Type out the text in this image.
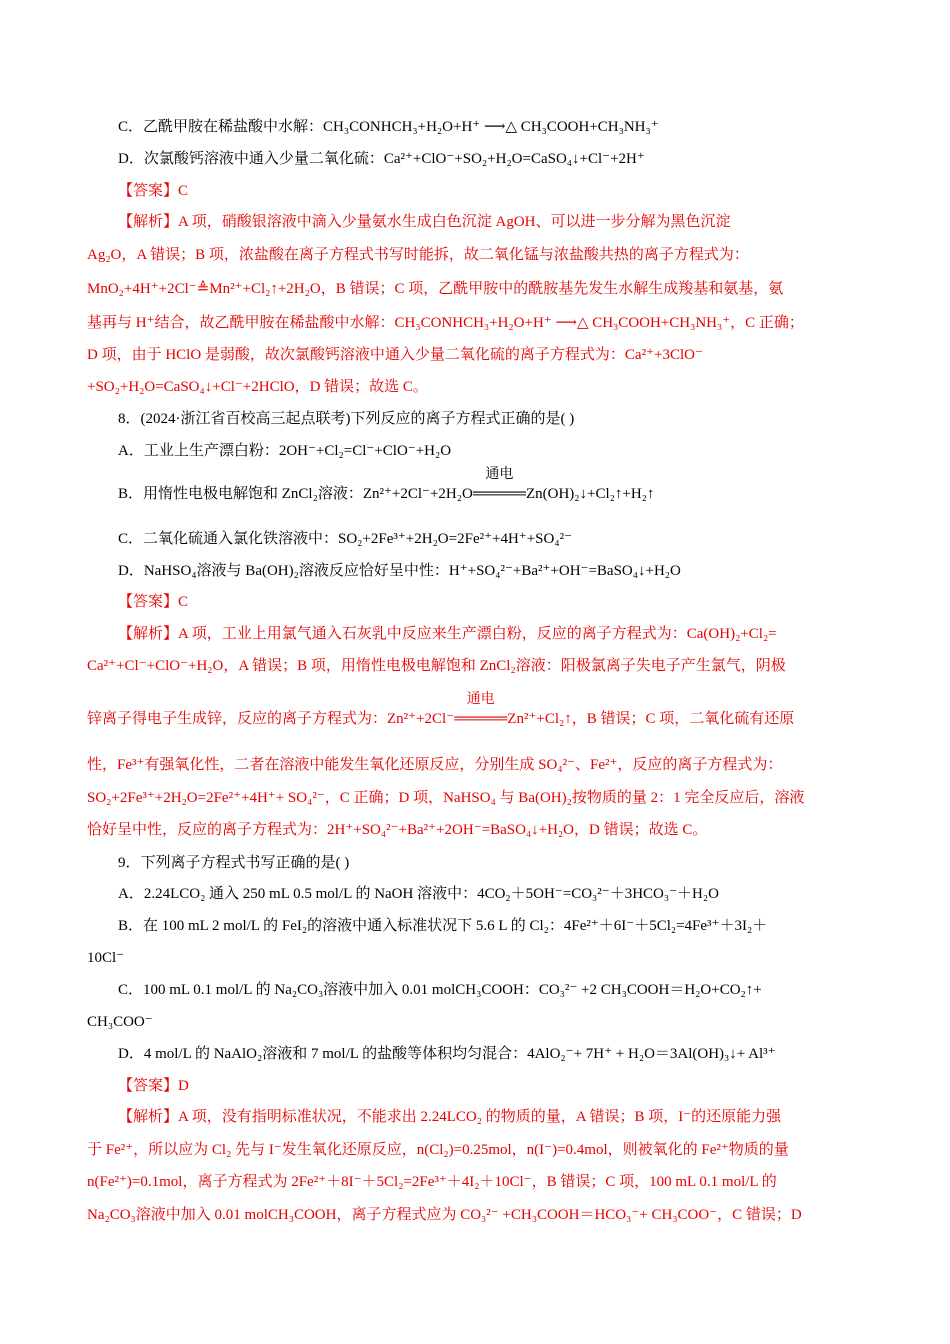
C．乙酰甲胺在稀盐酸中水解：CH₃CONHCH₃+H₂O+H⁺ ⟶△ CH₃COOH+CH₃NH₃⁺
D．次氯酸钙溶液中通入少量二氧化硫：Ca²⁺+ClO⁻+SO₂+H₂O=CaSO₄↓+Cl⁻+2H⁺
【答案】C
【解析】A 项，硝酸银溶液中滴入少量氨水生成白色沉淀 AgOH、可以进一步分解为黑色沉淀
Ag₂O，A 错误；B 项，浓盐酸在离子方程式书写时能拆，故二氧化锰与浓盐酸共热的离子方程式为：
MnO₂+4H⁺+2Cl⁻≜Mn²⁺+Cl₂↑+2H₂O，B 错误；C 项，乙酰甲胺中的酰胺基先发生水解生成羧基和氨基，氨
基再与 H⁺结合，故乙酰甲胺在稀盐酸中水解：CH₃CONHCH₃+H₂O+H⁺ ⟶△ CH₃COOH+CH₃NH₃⁺，C 正确；
D 项，由于 HClO 是弱酸，故次氯酸钙溶液中通入少量二氧化硫的离子方程式为：Ca²⁺+3ClO⁻
+SO₂+H₂O=CaSO₄↓+Cl⁻+2HClO，D 错误；故选 C。
8．(2024·浙江省百校高三起点联考)下列反应的离子方程式正确的是( )
A．工业上生产漂白粉：2OH⁻+Cl₂=Cl⁻+ClO⁻+H₂O
B．用惰性电极电解饱和 ZnCl₂溶液：Zn²⁺+2Cl⁻+2H₂O
通电
═════Zn(OH)₂↓+Cl₂↑+H₂↑
C．二氧化硫通入氯化铁溶液中：SO₂+2Fe³⁺+2H₂O=2Fe²⁺+4H⁺+SO₄²⁻
D．NaHSO₄溶液与 Ba(OH)₂溶液反应恰好呈中性：H⁺+SO₄²⁻+Ba²⁺+OH⁻=BaSO₄↓+H₂O
【答案】C
【解析】A 项，工业上用氯气通入石灰乳中反应来生产漂白粉，反应的离子方程式为：Ca(OH)₂+Cl₂=
Ca²⁺+Cl⁻+ClO⁻+H₂O，A 错误；B 项，用惰性电极电解饱和 ZnCl₂溶液：阳极氯离子失电子产生氯气，阴极
锌离子得电子生成锌，反应的离子方程式为：Zn²⁺+2Cl⁻
通电
═════Zn²⁺+Cl₂↑，B 错误；C 项，二氧化硫有还原
性，Fe³⁺有强氧化性，二者在溶液中能发生氧化还原反应，分别生成 SO₄²⁻、Fe²⁺，反应的离子方程式为：
SO₂+2Fe³⁺+2H₂O=2Fe²⁺+4H⁺+ SO₄²⁻，C 正确；D 项，NaHSO₄ 与 Ba(OH)₂按物质的量 2：1 完全反应后，溶液
恰好呈中性，反应的离子方程式为：2H⁺+SO₄²⁻+Ba²⁺+2OH⁻=BaSO₄↓+H₂O，D 错误；故选 C。
9．下列离子方程式书写正确的是( )
A．2.24LCO₂ 通入 250 mL 0.5 mol/L 的 NaOH 溶液中：4CO₂＋5OH⁻=CO₃²⁻＋3HCO₃⁻＋H₂O
B．在 100 mL 2 mol/L 的 FeI₂的溶液中通入标准状况下 5.6 L 的 Cl₂：4Fe²⁺＋6I⁻＋5Cl₂=4Fe³⁺＋3I₂＋
10Cl⁻
C．100 mL 0.1 mol/L 的 Na₂CO₃溶液中加入 0.01 molCH₃COOH：CO₃²⁻ +2 CH₃COOH＝H₂O+CO₂↑+
CH₃COO⁻
D．4 mol/L 的 NaAlO₂溶液和 7 mol/L 的盐酸等体积均匀混合：4AlO₂⁻+ 7H⁺ + H₂O＝3Al(OH)₃↓+ Al³⁺
【答案】D
【解析】A 项，没有指明标准状况，不能求出 2.24LCO₂ 的物质的量，A 错误；B 项，I⁻的还原能力强
于 Fe²⁺，所以应为 Cl₂ 先与 I⁻发生氧化还原反应，n(Cl₂)=0.25mol，n(I⁻)=0.4mol，则被氧化的 Fe²⁺物质的量
n(Fe²⁺)=0.1mol，离子方程式为 2Fe²⁺＋8I⁻＋5Cl₂=2Fe³⁺＋4I₂＋10Cl⁻，B 错误；C 项，100 mL 0.1 mol/L 的
Na₂CO₃溶液中加入 0.01 molCH₃COOH，离子方程式应为 CO₃²⁻ +CH₃COOH＝HCO₃⁻+ CH₃COO⁻，C 错误；D
